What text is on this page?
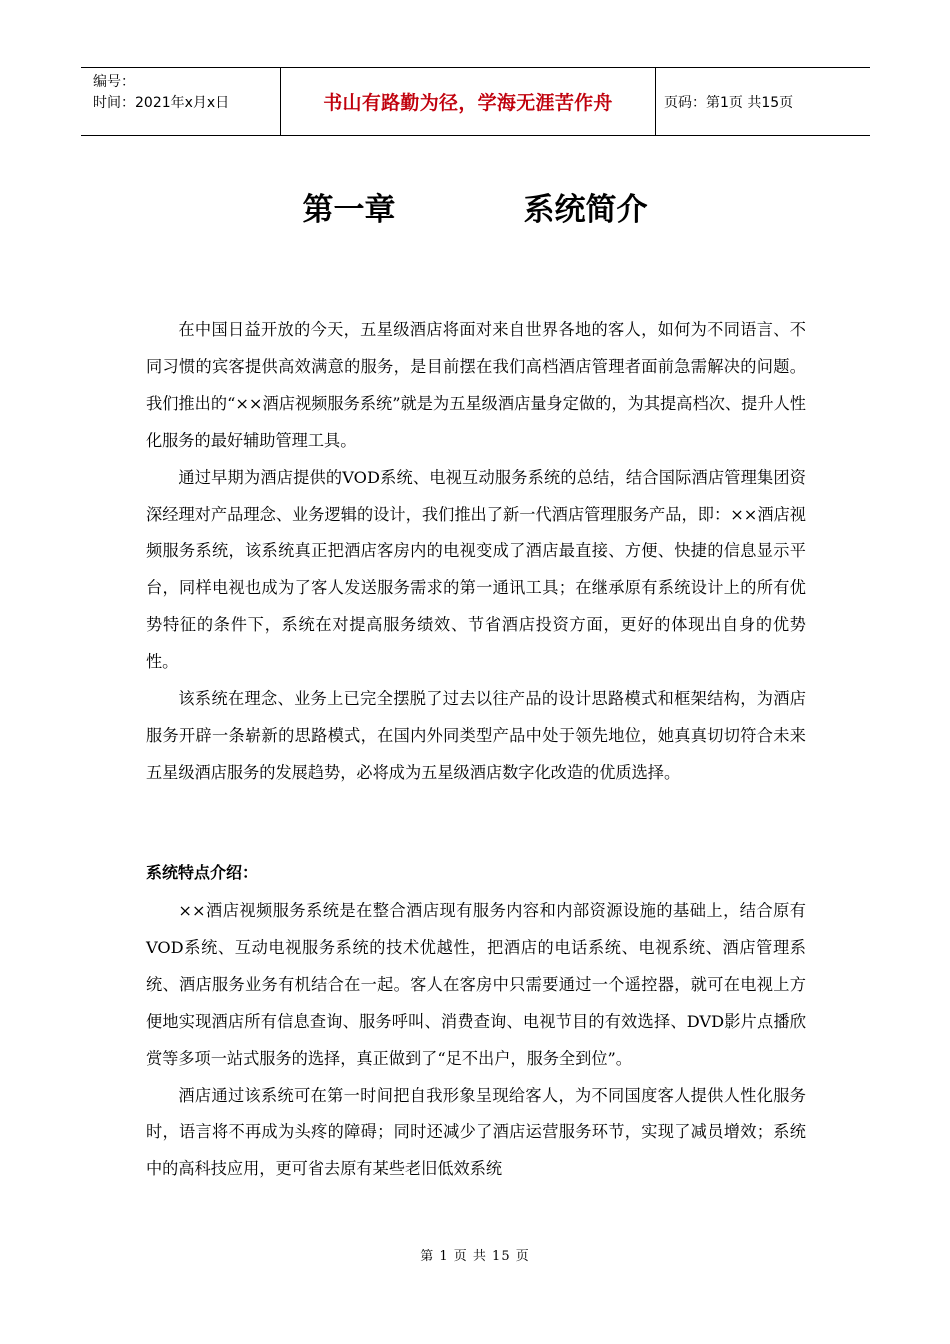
编号：
时间：2021年x月x日	书山有路勤为径，学海无涯苦作舟	页码：第1页 共15页
第一章	系统简介

在中国日益开放的今天，五星级酒店将面对来自世界各地的客人，如何为不同语言、不同习惯的宾客提供高效满意的服务，是目前摆在我们高档酒店管理者面前急需解决的问题。我们推出的“××酒店视频服务系统”就是为五星级酒店量身定做的，为其提高档次、提升人性化服务的最好辅助管理工具。

通过早期为酒店提供的VOD系统、电视互动服务系统的总结，结合国际酒店管理集团资深经理对产品理念、业务逻辑的设计，我们推出了新一代酒店管理服务产品，即：××酒店视频服务系统，该系统真正把酒店客房内的电视变成了酒店最直接、方便、快捷的信息显示平台，同样电视也成为了客人发送服务需求的第一通讯工具；在继承原有系统设计上的所有优势特征的条件下，系统在对提高服务绩效、节省酒店投资方面，更好的体现出自身的优势性。

该系统在理念、业务上已完全摆脱了过去以往产品的设计思路模式和框架结构，为酒店服务开辟一条崭新的思路模式，在国内外同类型产品中处于领先地位，她真真切切符合未来五星级酒店服务的发展趋势，必将成为五星级酒店数字化改造的优质选择。

系统特点介绍：

××酒店视频服务系统是在整合酒店现有服务内容和内部资源设施的基础上，结合原有VOD系统、互动电视服务系统的技术优越性，把酒店的电话系统、电视系统、酒店管理系统、酒店服务业务有机结合在一起。客人在客房中只需要通过一个遥控器，就可在电视上方便地实现酒店所有信息查询、服务呼叫、消费查询、电视节目的有效选择、DVD影片点播欣赏等多项一站式服务的选择，真正做到了“足不出户，服务全到位”。

酒店通过该系统可在第一时间把自我形象呈现给客人，为不同国度客人提供人性化服务时，语言将不再成为头疼的障碍；同时还减少了酒店运营服务环节，实现了减员增效；系统中的高科技应用，更可省去原有某些老旧低效系统

第 1 页 共 15 页
